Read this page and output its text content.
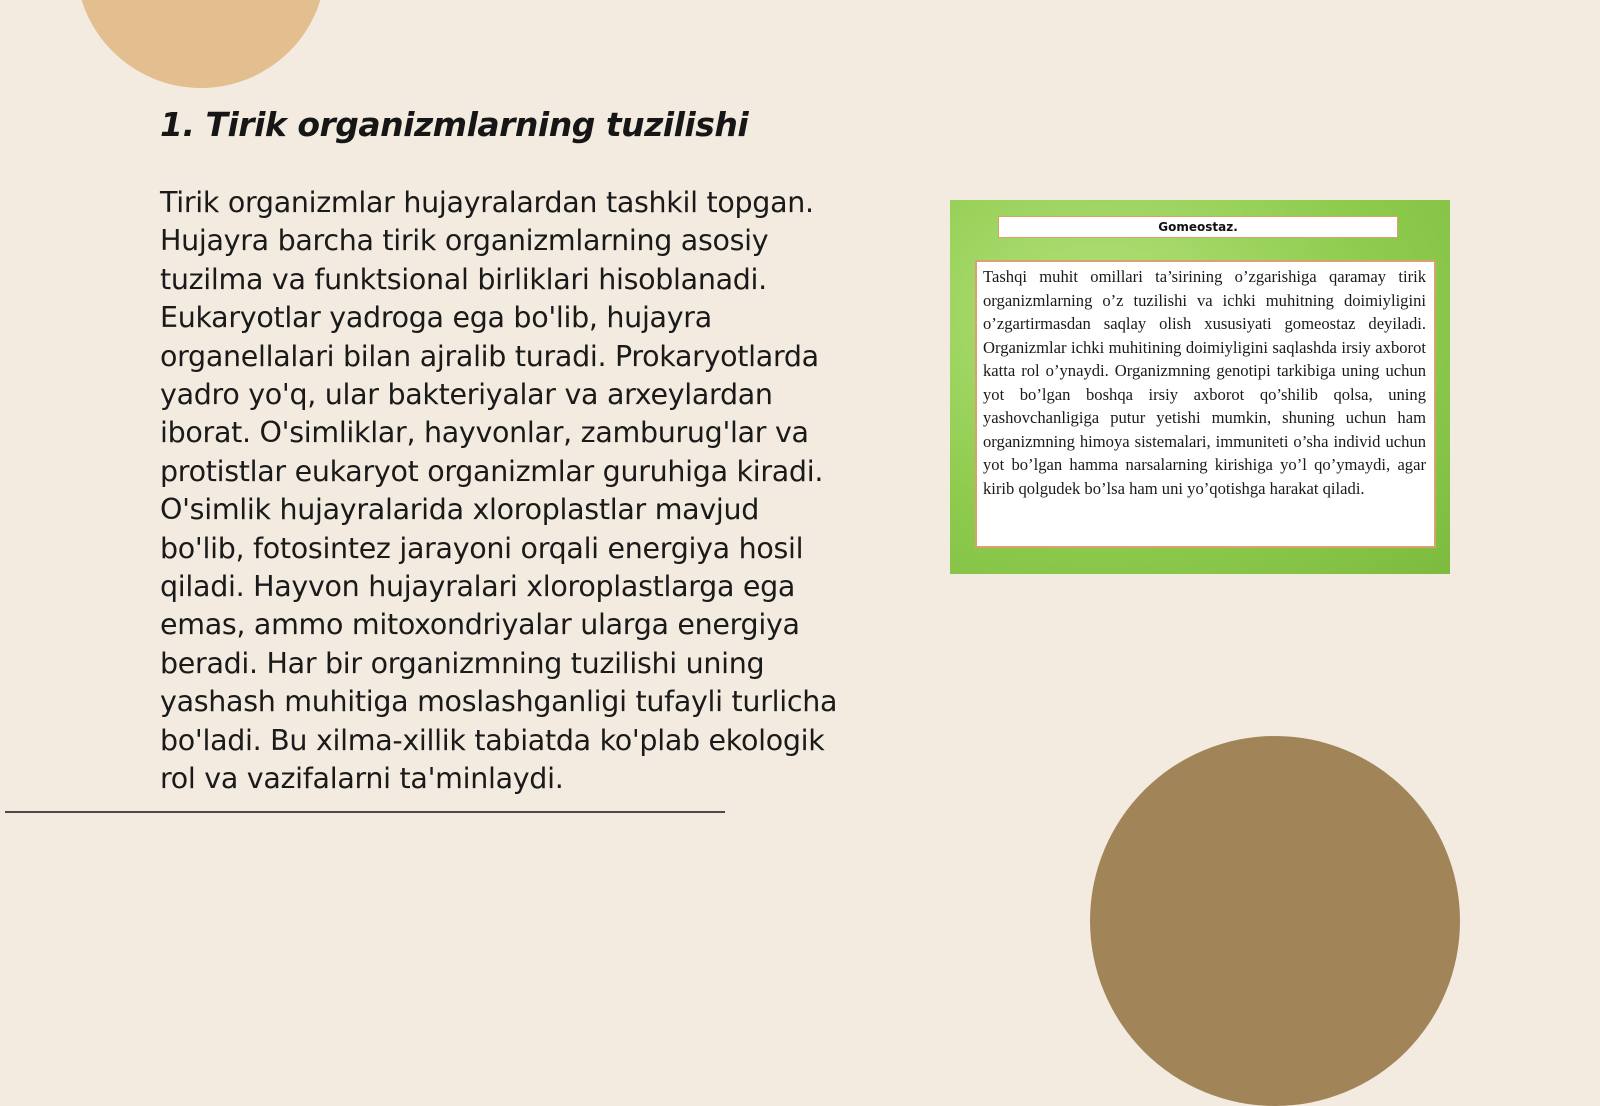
1. Tirik organizmlarning tuzilishi

Tirik organizmlar hujayralardan tashkil topgan. Hujayra barcha tirik organizmlarning asosiy tuzilma va funktsional birliklari hisoblanadi. Eukaryotlar yadroga ega bo'lib, hujayra organellalari bilan ajralib turadi. Prokaryotlarda yadro yo'q, ular bakteriyalar va arxeylardan iborat. O'simliklar, hayvonlar, zamburug'lar va protistlar eukaryot organizmlar guruhiga kiradi. O'simlik hujayralarida xloroplastlar mavjud bo'lib, fotosintez jarayoni orqali energiya hosil qiladi. Hayvon hujayralari xloroplastlarga ega emas, ammo mitoxondriyalar ularga energiya beradi. Har bir organizmning tuzilishi uning yashash muhitiga moslashganligi tufayli turlicha bo'ladi. Bu xilma-xillik tabiatda ko'plab ekologik rol va vazifalarni ta'minlaydi.

Gomeostaz.

Tashqi muhit omillari ta’sirining o’zgarishiga qaramay tirik organizmlarning o’z tuzilishi va ichki muhitning doimiyligini o’zgartirmasdan saqlay olish xususiyati gomeostaz deyiladi. Organizmlar ichki muhitining doimiyligini saqlashda irsiy axborot katta rol o’ynaydi. Organizmning genotipi tarkibiga uning uchun yot bo’lgan boshqa irsiy axborot qo’shilib qolsa, uning yashovchanligiga putur yetishi mumkin, shuning uchun ham organizmning himoya sistemalari, immuniteti o’sha individ uchun yot bo’lgan hamma narsalarning kirishiga yo’l qo’ymaydi, agar kirib qolgudek bo’lsa ham uni yo’qotishga harakat qiladi.
